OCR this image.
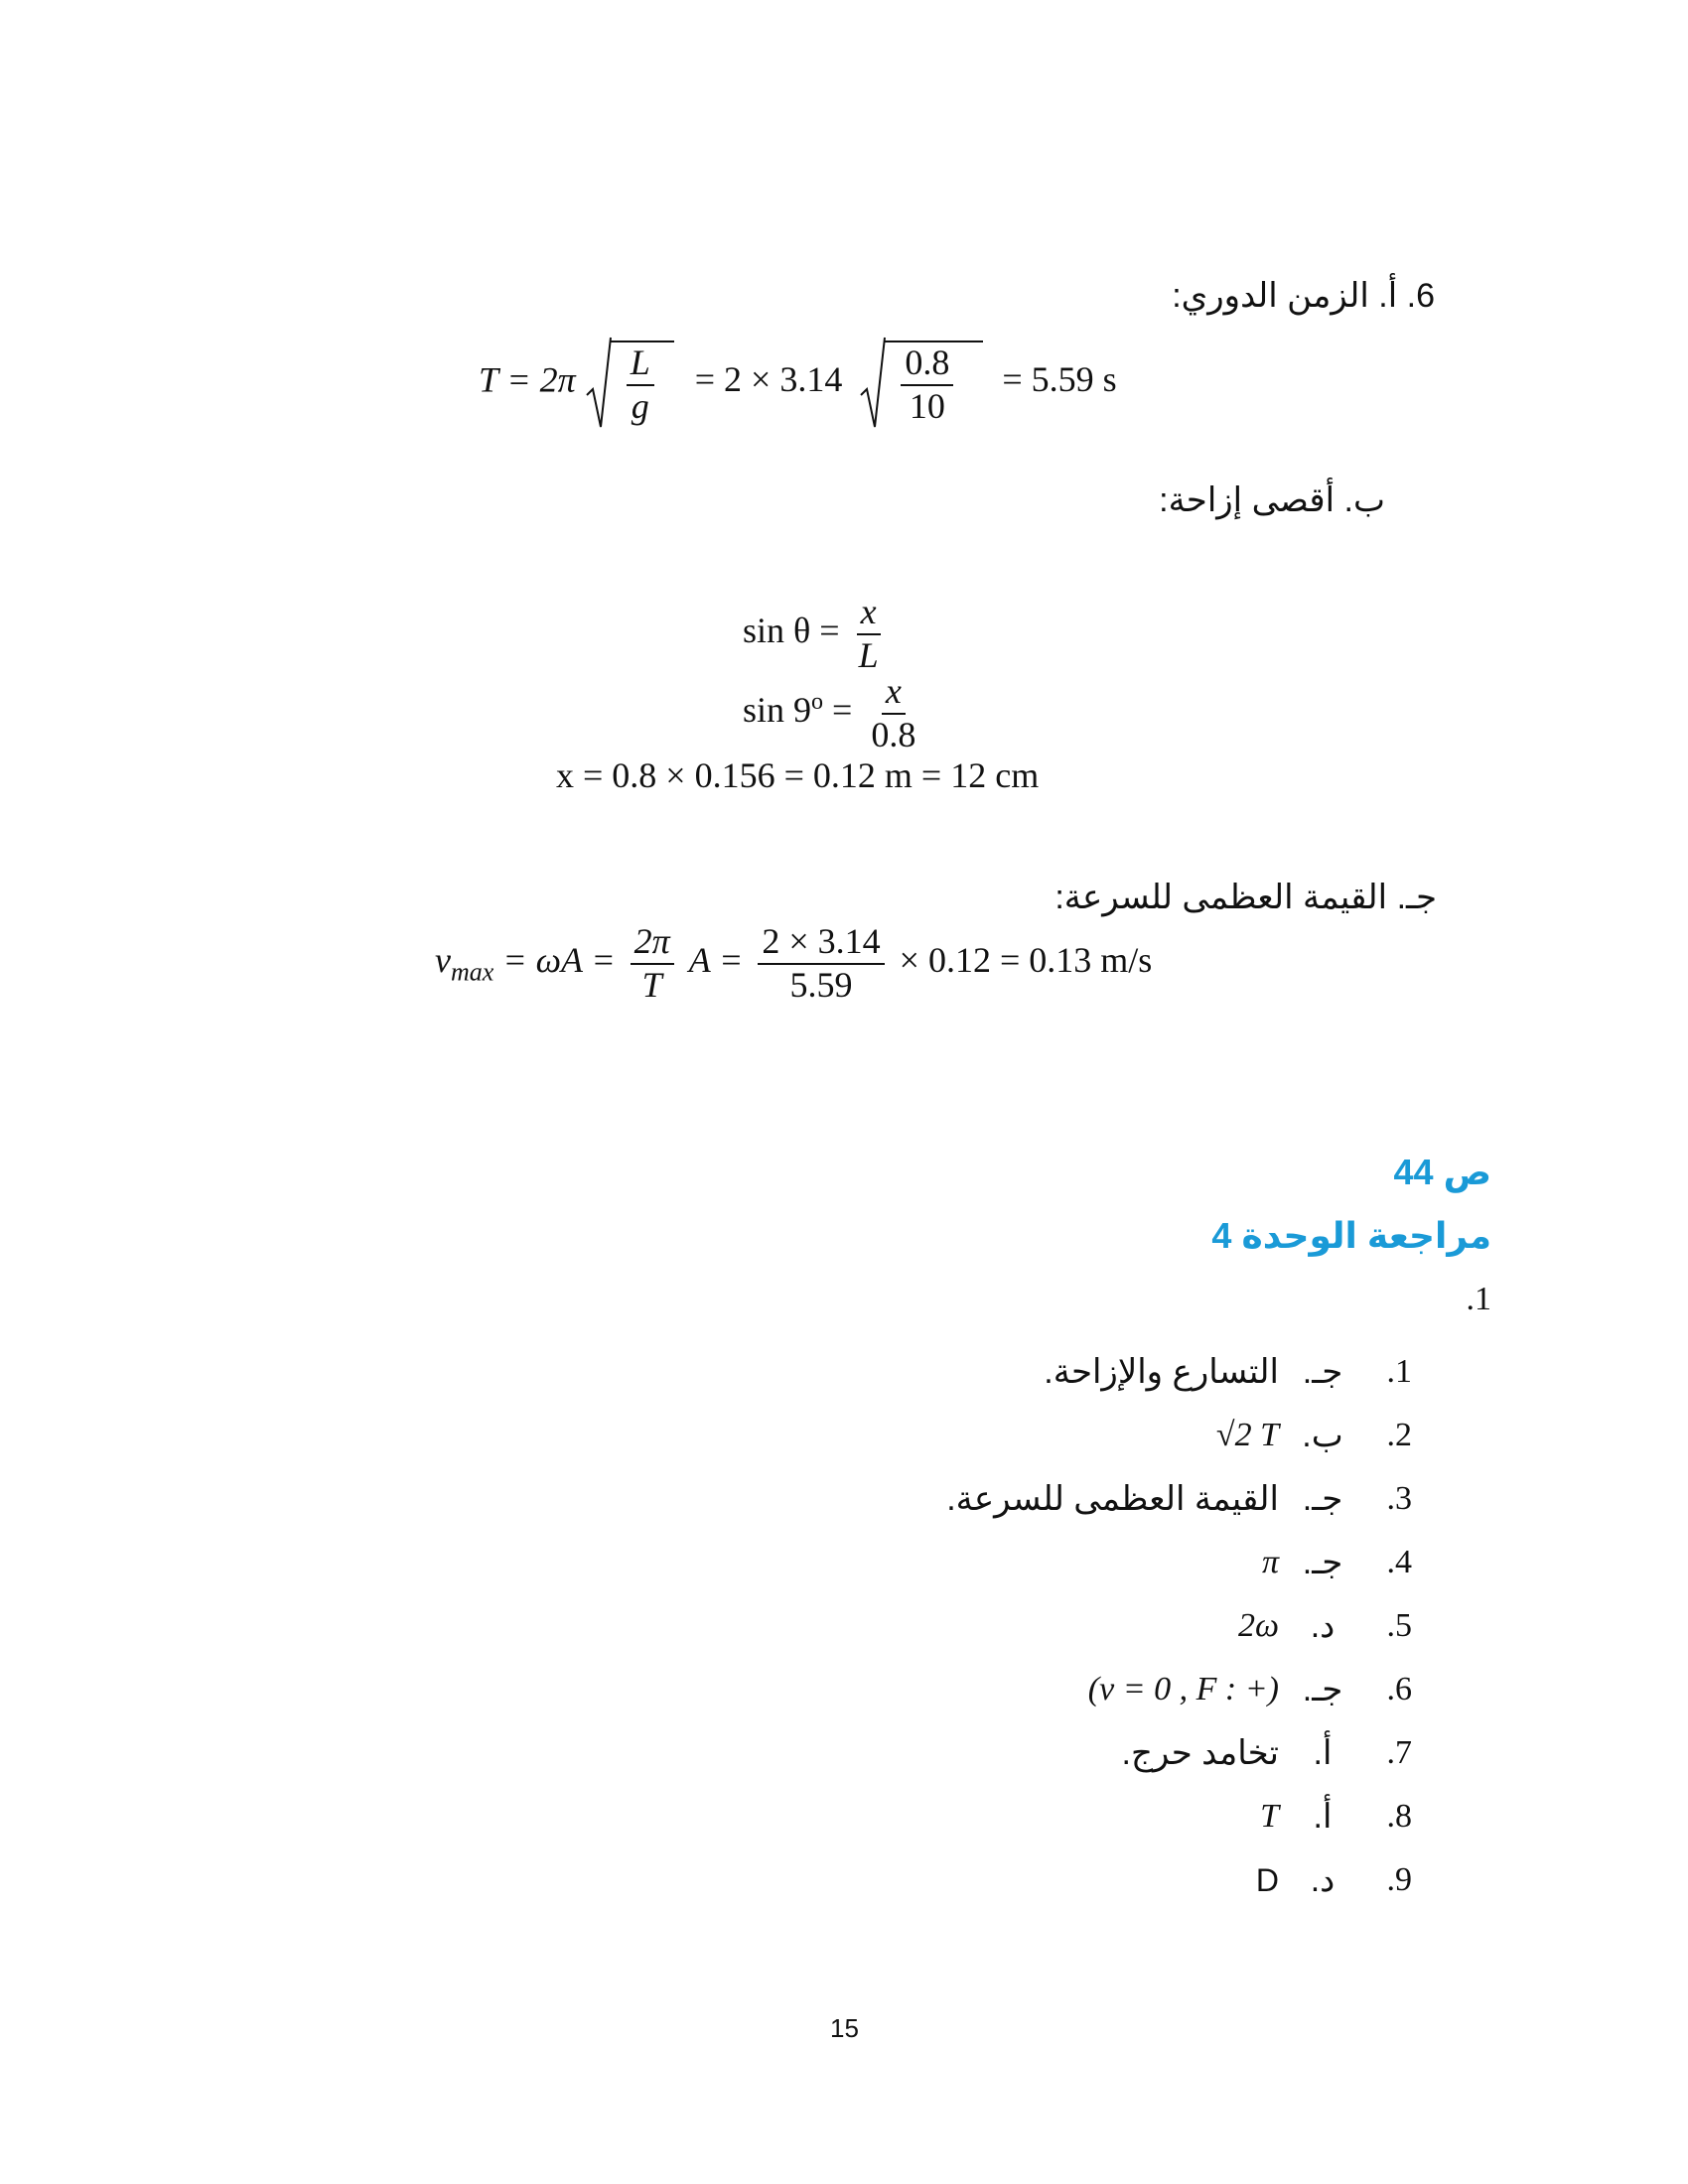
6. أ. الزمن الدوري:
$T = 2\pi \frac{L}{g} = 2 \times 3.14 \frac{0.8}{10} = 5.59$ s
ب. أقصى إزاحة:
$\sin \theta = \frac{x}{L}$
$\sin 9^o = \frac{x}{0.8}$
x = 0.8 × 0.156 = 0.12 m = 12 cm
جـ. القيمة العظمى للسرعة:
$v_{max} = \omega A = \frac{2\pi}{T}$ $A = \frac{2 \times 3.14}{5.59} \times 0.12 = 0.13$ m/s
ص 44
مراجعة الوحدة 4
.1
.1
جـ.
التسارع والإزاحة.
.2
ب.
√2 T
.3
جـ.
القيمة العظمى للسرعة.
.4
جـ.
π
.5
د.
2ω
.6
جـ.
(v = 0 , F : +)
.7
أ.
تخامد حرج.
.8
أ.
T
.9
د.
D
15
